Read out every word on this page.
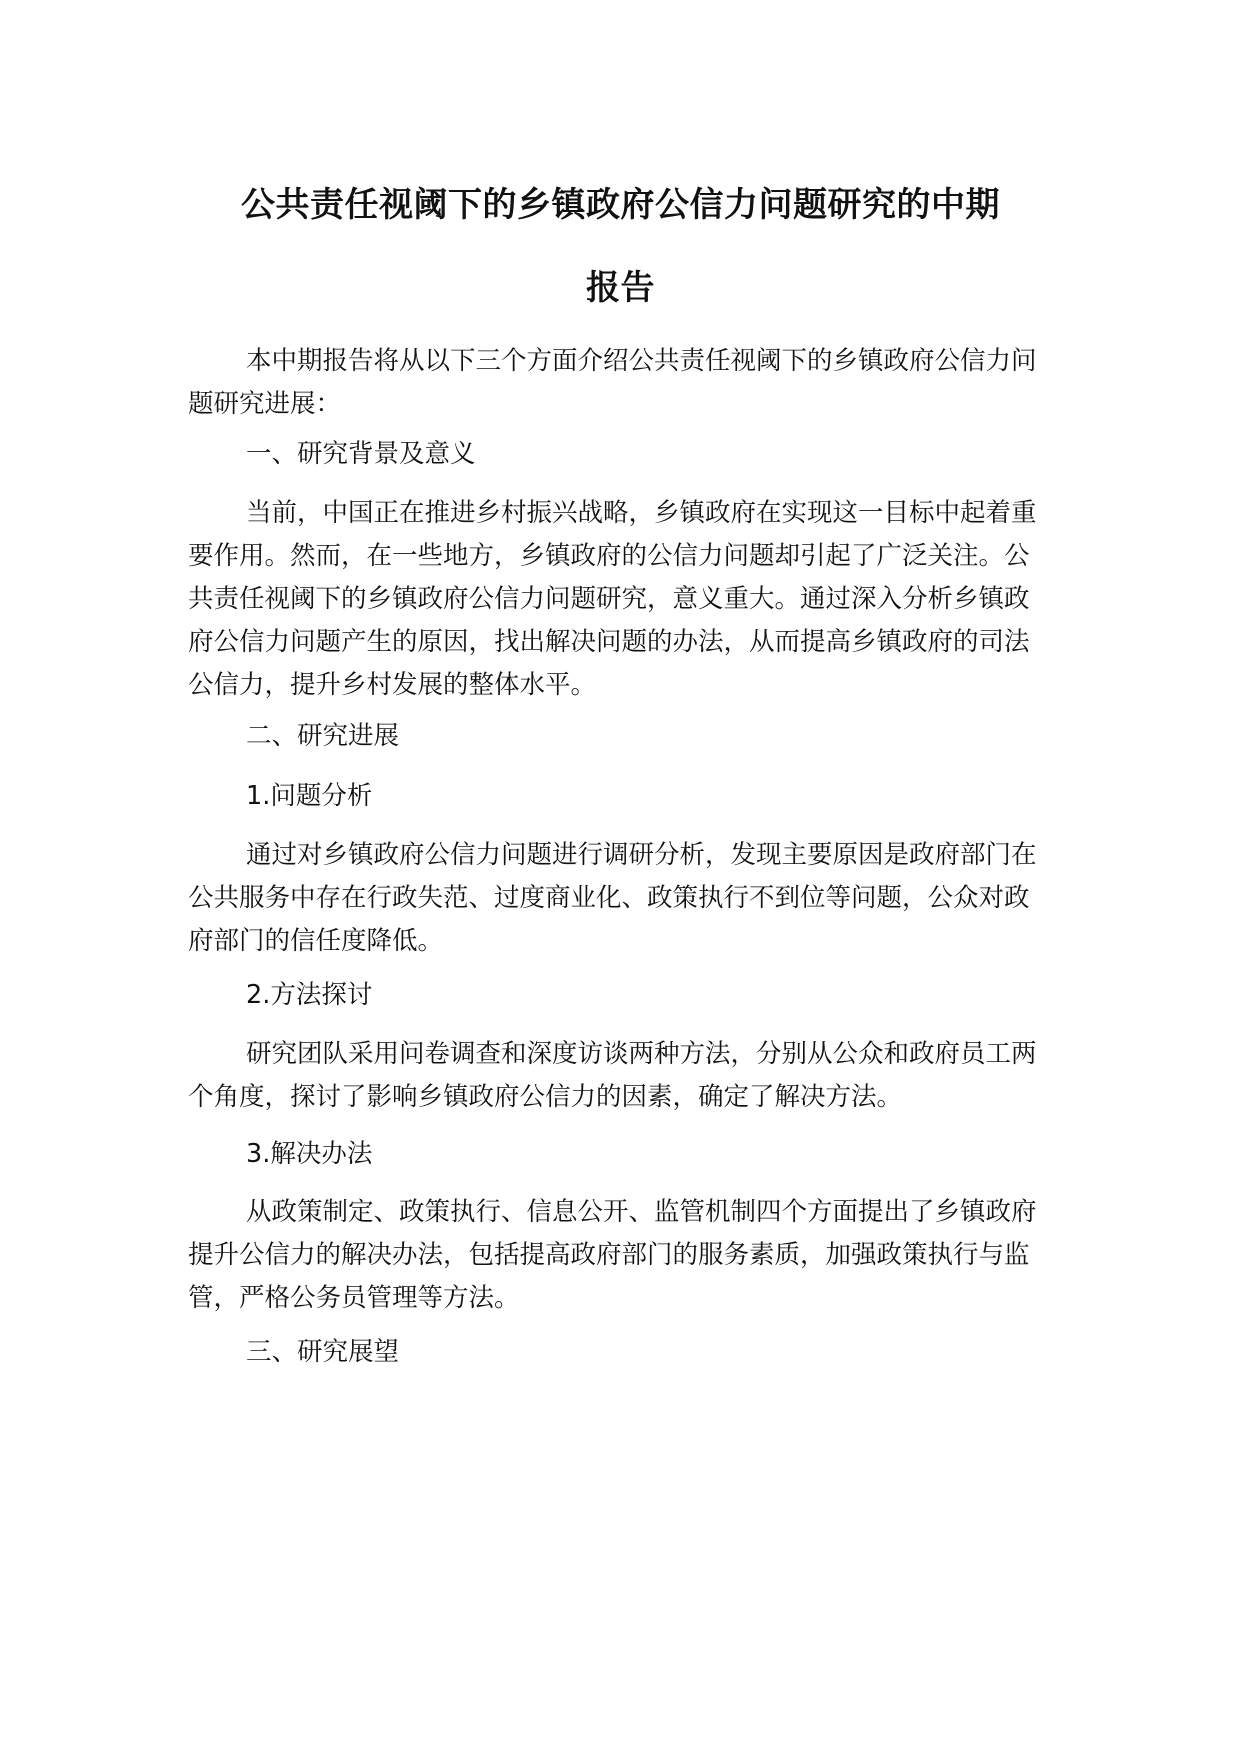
公共责任视阈下的乡镇政府公信力问题研究的中期
报告

本中期报告将从以下三个方面介绍公共责任视阈下的乡镇政府公信力问题研究进展：

一、研究背景及意义

当前，中国正在推进乡村振兴战略，乡镇政府在实现这一目标中起着重要作用。然而，在一些地方，乡镇政府的公信力问题却引起了广泛关注。公共责任视阈下的乡镇政府公信力问题研究，意义重大。通过深入分析乡镇政府公信力问题产生的原因，找出解决问题的办法，从而提高乡镇政府的司法公信力，提升乡村发展的整体水平。

二、研究进展

1.问题分析

通过对乡镇政府公信力问题进行调研分析，发现主要原因是政府部门在公共服务中存在行政失范、过度商业化、政策执行不到位等问题，公众对政府部门的信任度降低。

2.方法探讨

研究团队采用问卷调查和深度访谈两种方法，分别从公众和政府员工两个角度，探讨了影响乡镇政府公信力的因素，确定了解决方法。

3.解决办法

从政策制定、政策执行、信息公开、监管机制四个方面提出了乡镇政府提升公信力的解决办法，包括提高政府部门的服务素质，加强政策执行与监管，严格公务员管理等方法。

三、研究展望
